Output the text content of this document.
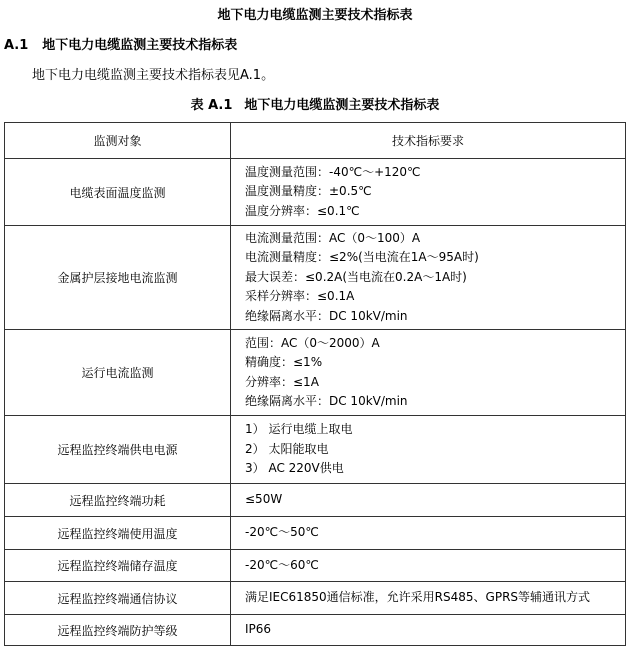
地下电力电缆监测主要技术指标表
A.1 地下电力电缆监测主要技术指标表
地下电力电缆监测主要技术指标表见A.1。
表 A.1 地下电力电缆监测主要技术指标表
监测对象	技术指标要求
电缆表面温度监测	温度测量范围：-40℃～+120℃
温度测量精度：±0.5℃
温度分辨率：≤0.1℃

金属护层接地电流监测	电流测量范围：AC（0～100）A
电流测量精度：≤2%(当电流在1A～95A时)
最大误差：≤0.2A(当电流在0.2A～1A时)
采样分辨率：≤0.1A
绝缘隔离水平：DC 10kV/min

运行电流监测	范围：AC（0～2000）A
精确度：≤1%
分辨率：≤1A
绝缘隔离水平：DC 10kV/min

远程监控终端供电电源	1） 运行电缆上取电
2） 太阳能取电
3） AC 220V供电

远程监控终端功耗	≤50W

远程监控终端使用温度	-20℃～50℃

远程监控终端储存温度	-20℃～60℃

远程监控终端通信协议	满足IEC61850通信标准，允许采用RS485、GPRS等辅通讯方式

远程监控终端防护等级	IP66
